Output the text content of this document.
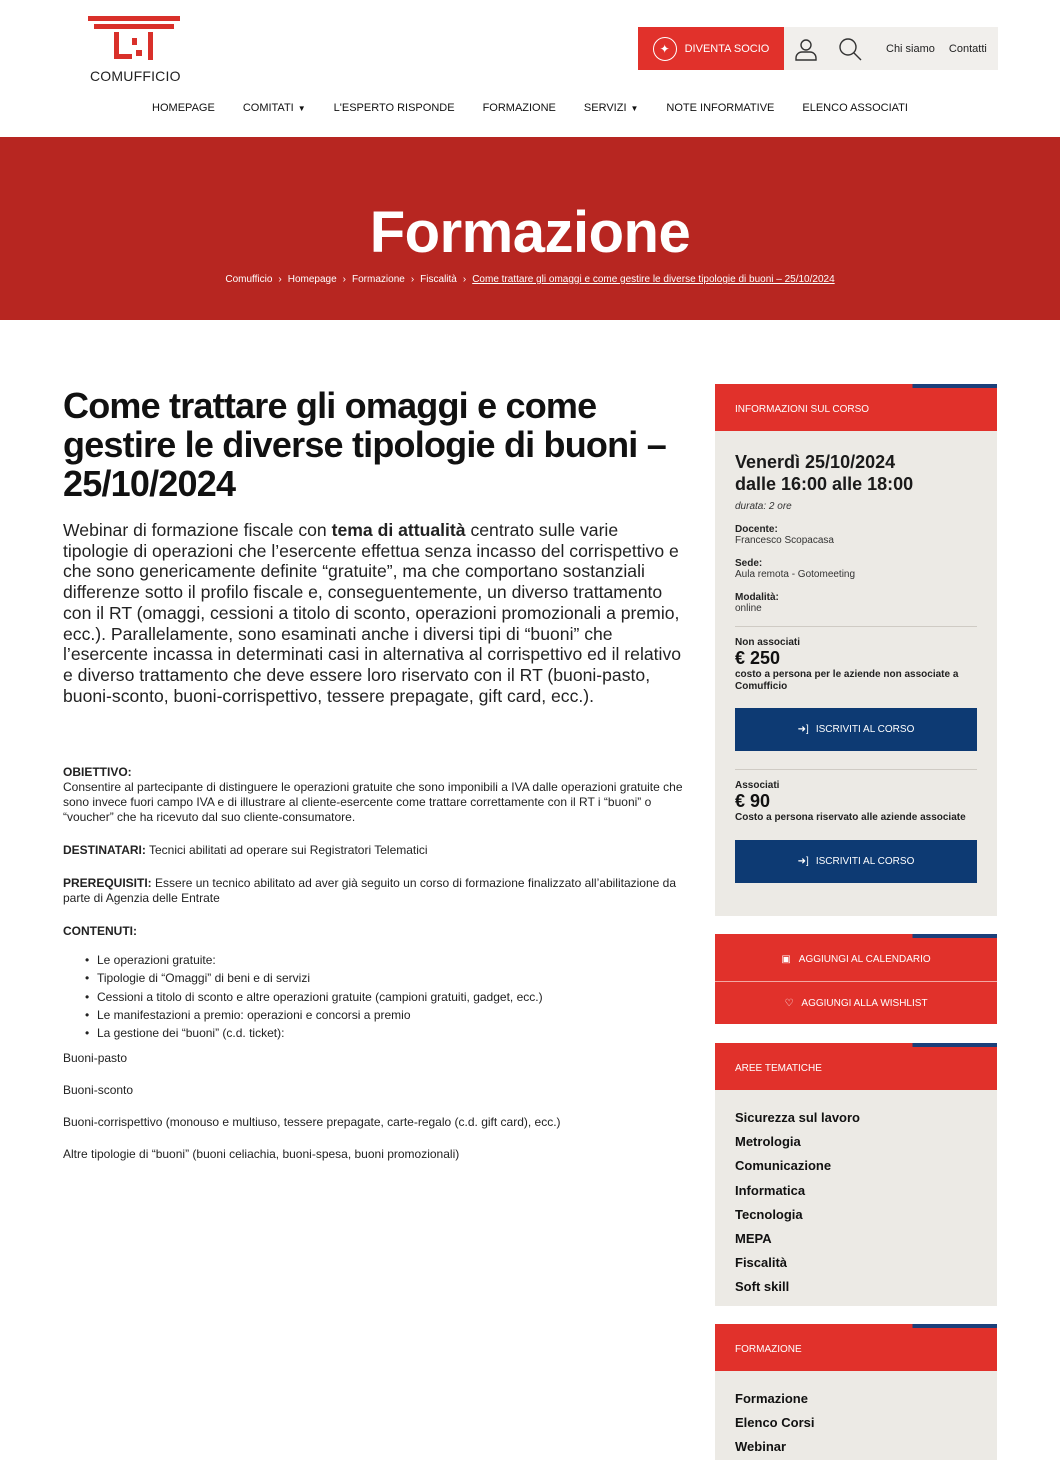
COMUFFICIO
✦	DIVENTA SOCIO	Chi siamo Contatti
HOMEPAGE	COMITATI ▼	L'ESPERTO RISPONDE	FORMAZIONE	SERVIZI ▼	NOTE INFORMATIVE	ELENCO ASSOCIATI
Formazione
Comufficio › Homepage › Formazione › Fiscalità › Come trattare gli omaggi e come gestire le diverse tipologie di buoni – 25/10/2024
Come trattare gli omaggi e come gestire le diverse tipologie di buoni – 25/10/2024

Webinar di formazione fiscale con tema di attualità centrato sulle varie tipologie di operazioni che l’esercente effettua senza incasso del corrispettivo e che sono genericamente definite “gratuite”, ma che comportano sostanziali differenze sotto il profilo fiscale e, conseguentemente, un diverso trattamento con il RT (omaggi, cessioni a titolo di sconto, operazioni promozionali a premio, ecc.). Parallelamente, sono esaminati anche i diversi tipi di “buoni” che l’esercente incassa in determinati casi in alternativa al corrispettivo ed il relativo e diverso trattamento che deve essere loro riservato con il RT (buoni-pasto, buoni-sconto, buoni-corrispettivo, tessere prepagate, gift card, ecc.).

OBIETTIVO:
Consentire al partecipante di distinguere le operazioni gratuite che sono imponibili a IVA dalle operazioni gratuite che sono invece fuori campo IVA e di illustrare al cliente-esercente come trattare correttamente con il RT i “buoni” o “voucher” che ha ricevuto dal suo cliente-consumatore.
DESTINATARI: Tecnici abilitati ad operare sui Registratori Telematici
PREREQUISITI: Essere un tecnico abilitato ad aver già seguito un corso di formazione finalizzato all’abilitazione da parte di Agenzia delle Entrate
CONTENUTI:
• Le operazioni gratuite:
• Tipologie di “Omaggi” di beni e di servizi
• Cessioni a titolo di sconto e altre operazioni gratuite (campioni gratuiti, gadget, ecc.)
• Le manifestazioni a premio: operazioni e concorsi a premio
• La gestione dei “buoni” (c.d. ticket):

Buoni-pasto

Buoni-sconto

Buoni-corrispettivo (monouso e multiuso, tessere prepagate, carte-regalo (c.d. gift card), ecc.)

Altre tipologie di “buoni” (buoni celiachia, buoni-spesa, buoni promozionali)

INFORMAZIONI SUL CORSO
Venerdì 25/10/2024
dalle 16:00 alle 18:00
durata: 2 ore
Docente:
Francesco Scopacasa
Sede:
Aula remota - Gotomeeting
Modalità:
online
Non associati
€ 250
costo a persona per le aziende non associate a Comufficio
➜] ISCRIVITI AL CORSO
Associati
€ 90
Costo a persona riservato alle aziende associate
➜] ISCRIVITI AL CORSO
▣ AGGIUNGI AL CALENDARIO
♡ AGGIUNGI ALLA WISHLIST
AREE TEMATICHE
Sicurezza sul lavoro
Metrologia
Comunicazione
Informatica
Tecnologia
MEPA
Fiscalità
Soft skill
FORMAZIONE
Formazione
Elenco Corsi
Webinar
